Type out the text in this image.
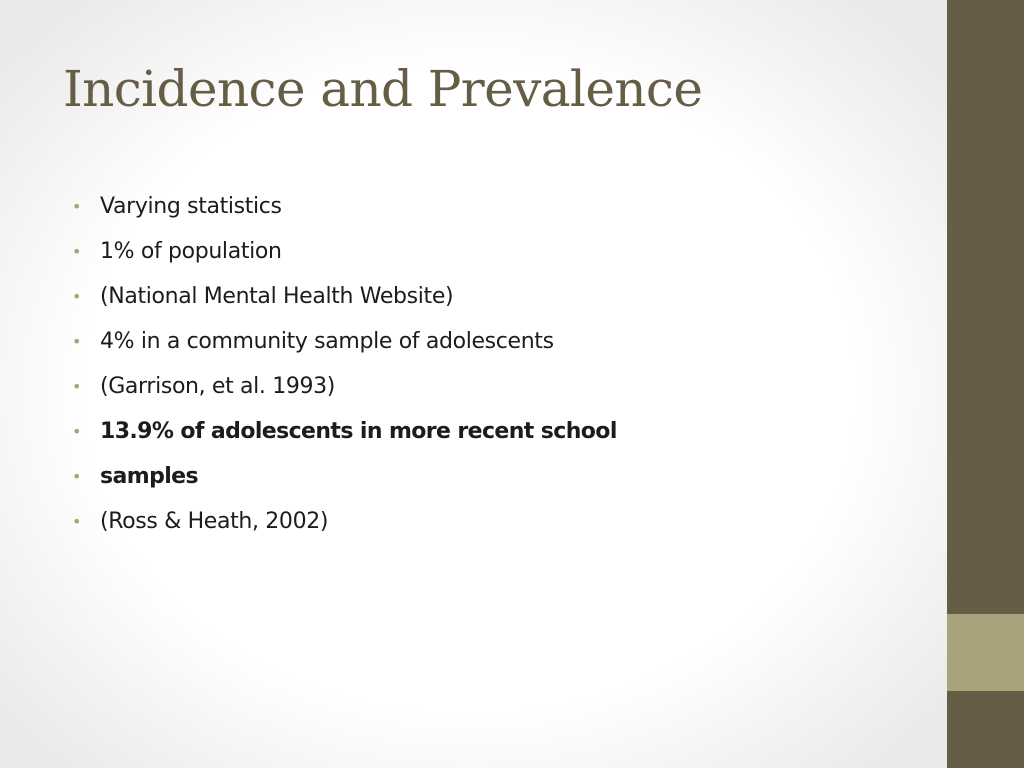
Incidence and Prevalence
• Varying statistics
• 1% of population
• (National Mental Health Website)
• 4% in a community sample of adolescents
• (Garrison, et al. 1993)
• 13.9% of adolescents in more recent school
• samples
• (Ross & Heath, 2002)
